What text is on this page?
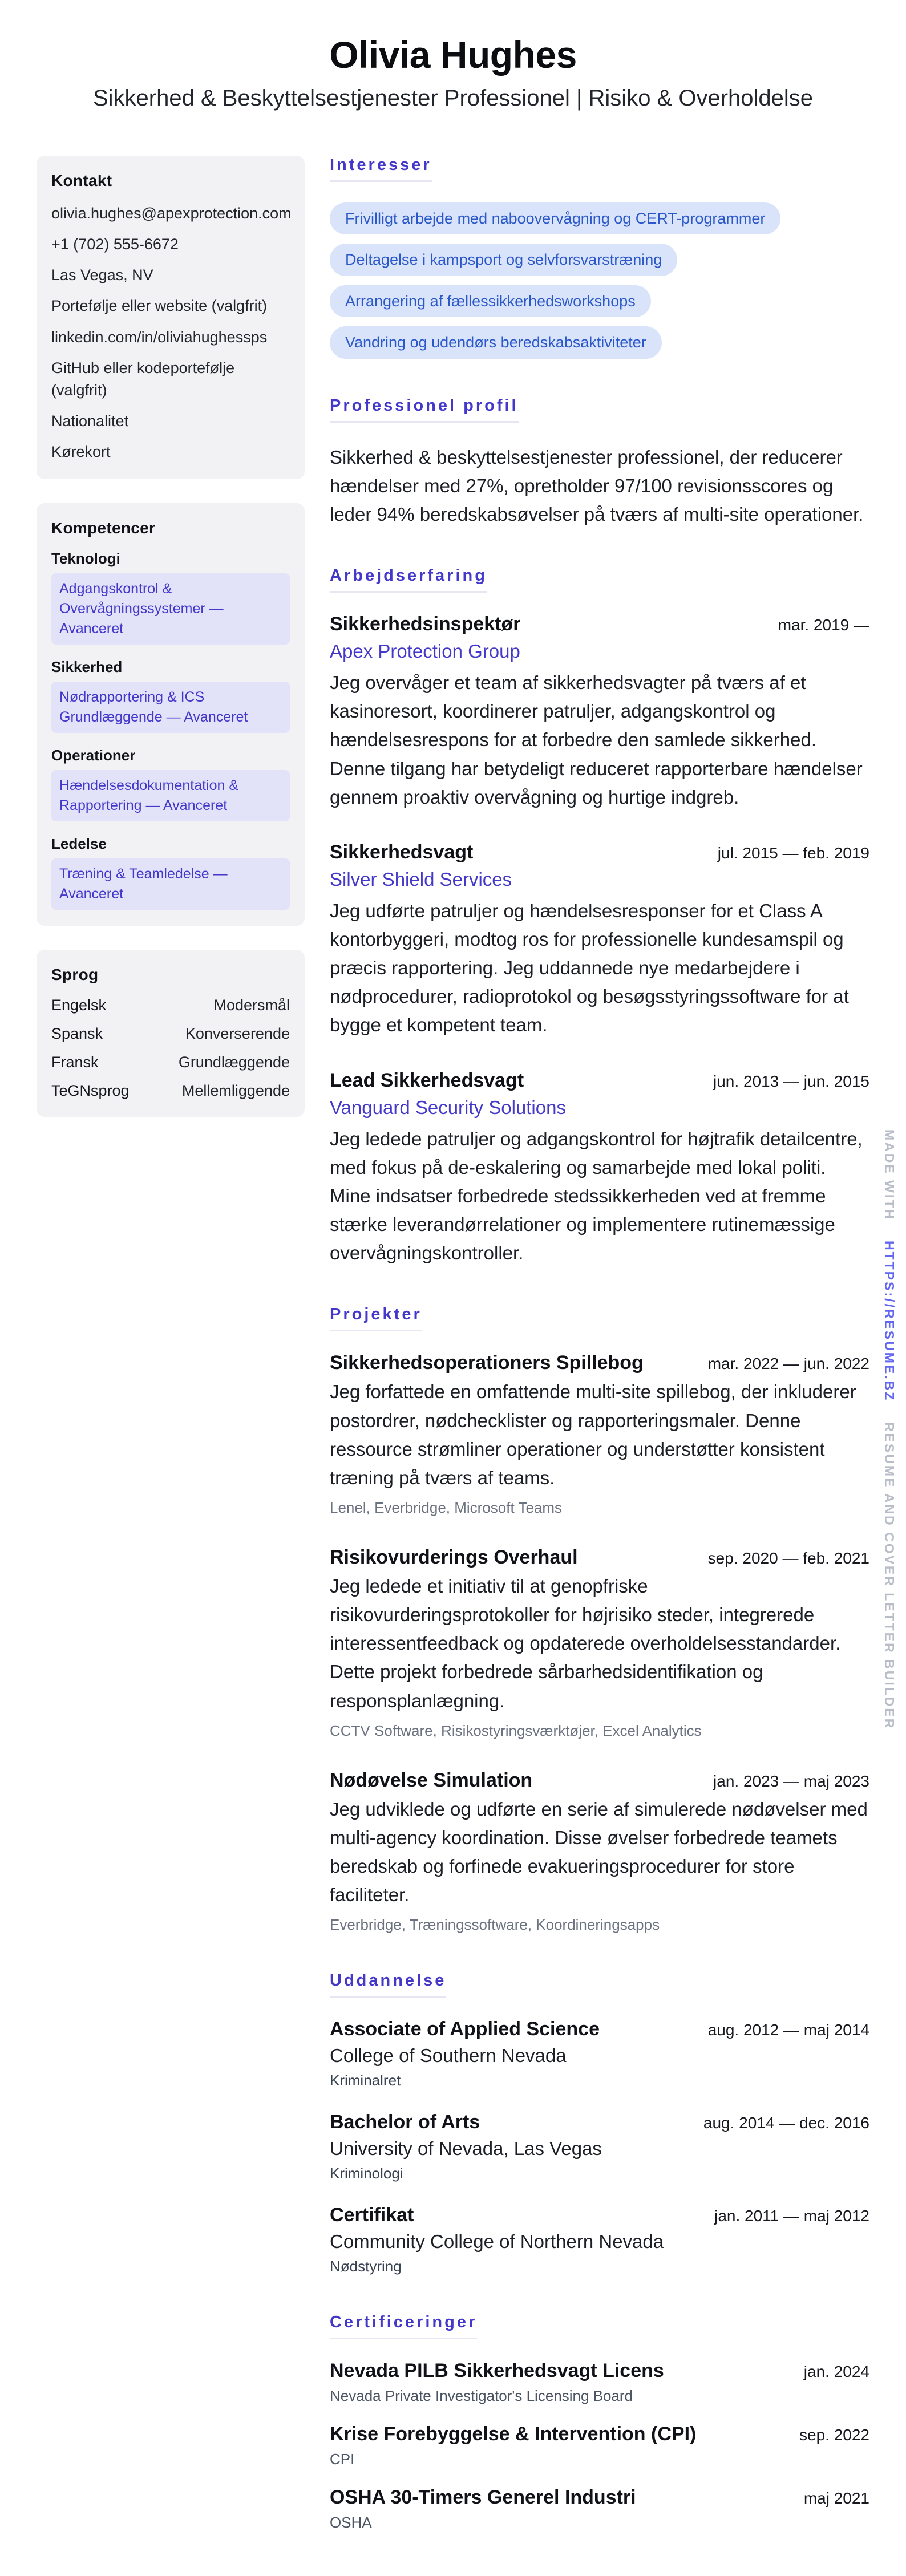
Olivia Hughes
Sikkerhed & Beskyttelsestjenester Professionel | Risiko & Overholdelse
Kontakt
olivia.hughes@apexprotection.com
+1 (702) 555-6672
Las Vegas, NV
Portefølje eller website (valgfrit)
linkedin.com/in/oliviahughessps
GitHub eller kodeportefølje (valgfrit)
Nationalitet
Kørekort
Kompetencer
Teknologi
Adgangskontrol & Overvågningssystemer — Avanceret
Sikkerhed
Nødrapportering & ICS Grundlæggende — Avanceret
Operationer
Hændelsesdokumentation & Rapportering — Avanceret
Ledelse
Træning & Teamledelse — Avanceret
Sprog
Engelsk	Modersmål
Spansk	Konverserende
Fransk	Grundlæggende
TeGNsprog	Mellemliggende
Interesser
Frivilligt arbejde med naboovervågning og CERT-programmer
Deltagelse i kampsport og selvforsvarstræning
Arrangering af fællessikkerhedsworkshops
Vandring og udendørs beredskabsaktiviteter
Professionel profil

Sikkerhed & beskyttelsestjenester professionel, der reducerer hændelser med 27%, opretholder 97/100 revisionsscores og leder 94% beredskabsøvelser på tværs af multi-site operationer.

Arbejdserfaring
Sikkerhedsinspektør	mar. 2019 —
Apex Protection Group

Jeg overvåger et team af sikkerhedsvagter på tværs af et kasinoresort, koordinerer patruljer, adgangskontrol og hændelsesrespons for at forbedre den samlede sikkerhed. Denne tilgang har betydeligt reduceret rapporterbare hændelser gennem proaktiv overvågning og hurtige indgreb.

Sikkerhedsvagt	jul. 2015 — feb. 2019
Silver Shield Services

Jeg udførte patruljer og hændelsesresponser for et Class A kontorbyggeri, modtog ros for professionelle kundesamspil og præcis rapportering. Jeg uddannede nye medarbejdere i nødprocedurer, radioprotokol og besøgsstyringssoftware for at bygge et kompetent team.

Lead Sikkerhedsvagt	jun. 2013 — jun. 2015
Vanguard Security Solutions

Jeg ledede patruljer og adgangskontrol for højtrafik detailcentre, med fokus på de-eskalering og samarbejde med lokal politi. Mine indsatser forbedrede stedssikkerheden ved at fremme stærke leverandørrelationer og implementere rutinemæssige overvågningskontroller.

Projekter
Sikkerhedsoperationers Spillebog	mar. 2022 — jun. 2022

Jeg forfattede en omfattende multi-site spillebog, der inkluderer postordrer, nødchecklister og rapporteringsmaler. Denne ressource strømliner operationer og understøtter konsistent træning på tværs af teams.

Lenel, Everbridge, Microsoft Teams
Risikovurderings Overhaul	sep. 2020 — feb. 2021

Jeg ledede et initiativ til at genopfriske risikovurderingsprotokoller for højrisiko steder, integrerede interessentfeedback og opdaterede overholdelsesstandarder. Dette projekt forbedrede sårbarhedsidentifikation og responsplanlægning.

CCTV Software, Risikostyringsværktøjer, Excel Analytics
Nødøvelse Simulation	jan. 2023 — maj 2023

Jeg udviklede og udførte en serie af simulerede nødøvelser med multi-agency koordination. Disse øvelser forbedrede teamets beredskab og forfinede evakueringsprocedurer for store faciliteter.

Everbridge, Træningssoftware, Koordineringsapps
Uddannelse
Associate of Applied Science	aug. 2012 — maj 2014
College of Southern Nevada
Kriminalret
Bachelor of Arts	aug. 2014 — dec. 2016
University of Nevada, Las Vegas
Kriminologi
Certifikat	jan. 2011 — maj 2012
Community College of Northern Nevada
Nødstyring
Certificeringer
Nevada PILB Sikkerhedsvagt Licens	jan. 2024
Nevada Private Investigator's Licensing Board
Krise Forebyggelse & Intervention (CPI)	sep. 2022
CPI
OSHA 30-Timers Generel Industri	maj 2021
OSHA
MADE WITH HTTPS://RESUME.BZ RESUME AND COVER LETTER BUILDER
